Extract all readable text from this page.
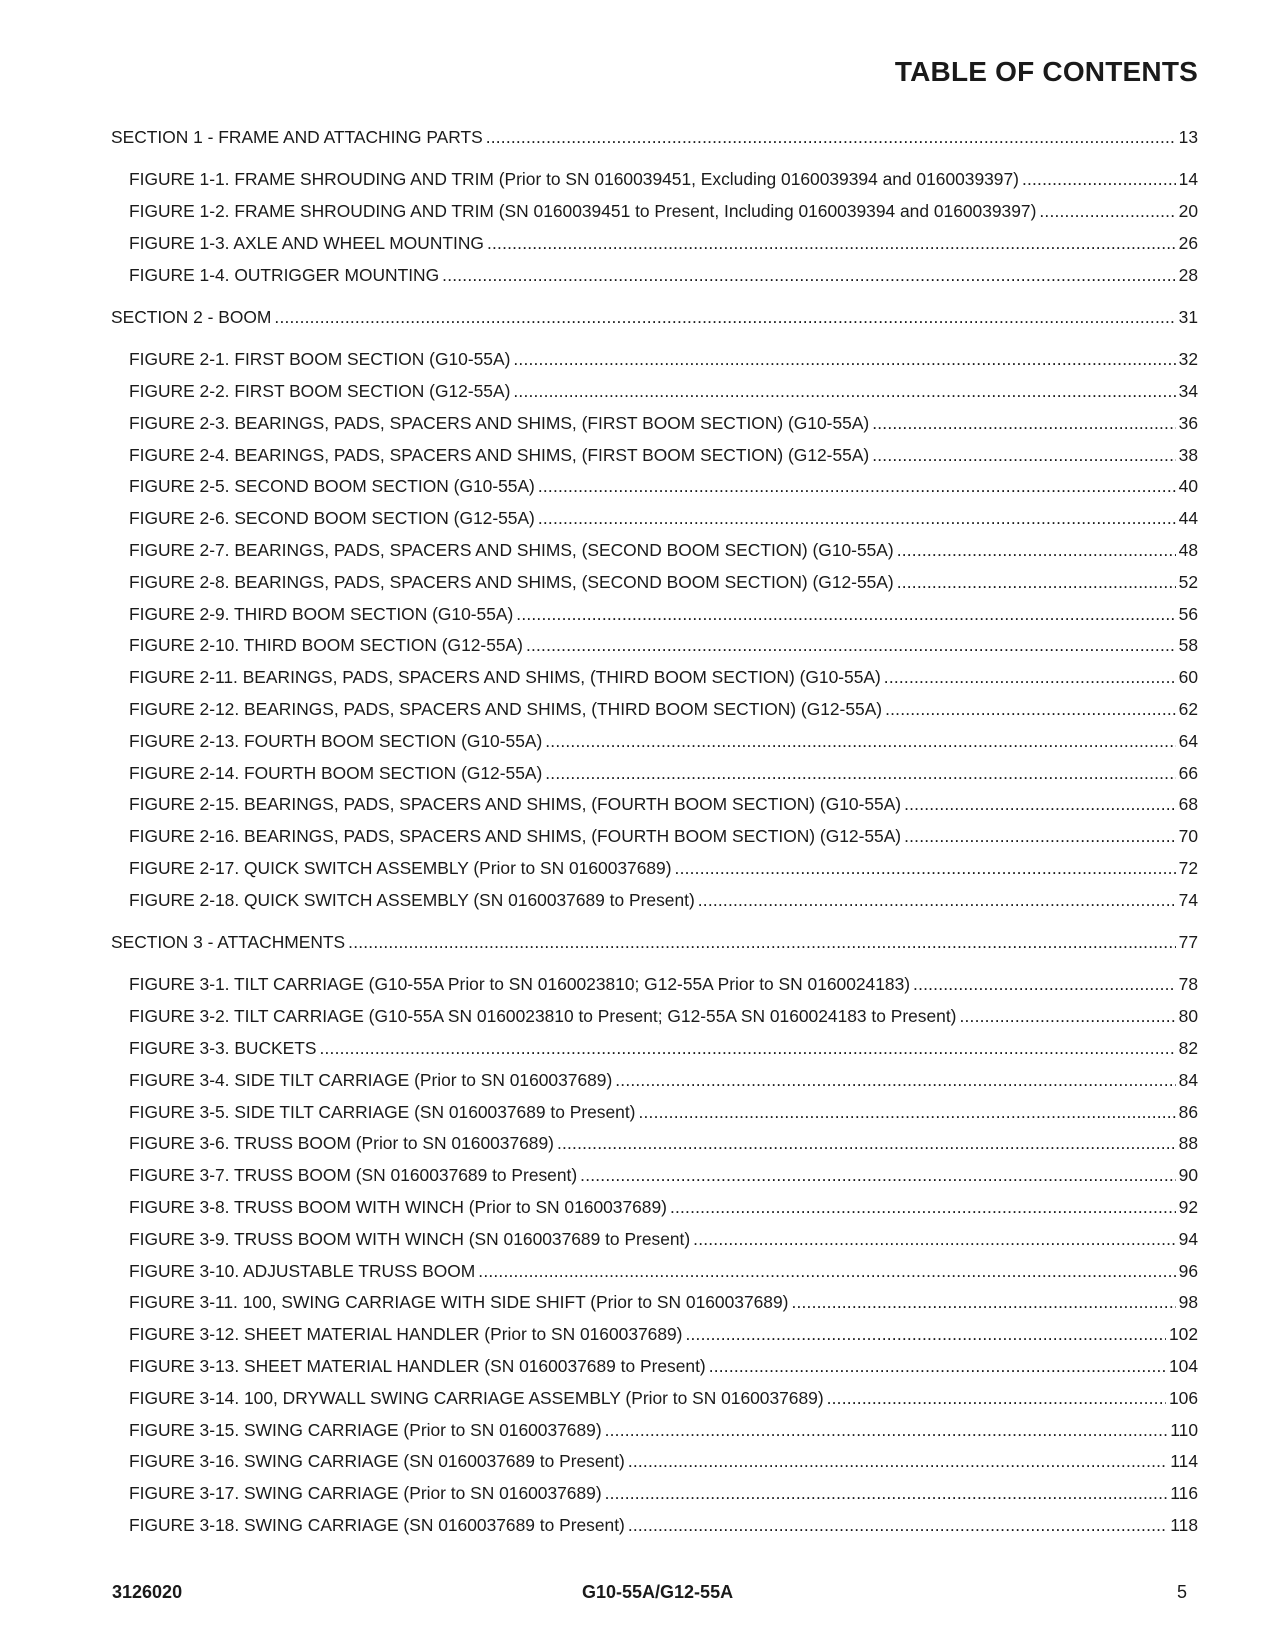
TABLE OF CONTENTS
SECTION 1 - FRAME AND ATTACHING PARTS .....	13
FIGURE 1-1. FRAME SHROUDING AND TRIM (Prior to SN 0160039451, Excluding 0160039394 and 0160039397) .....	14
FIGURE 1-2. FRAME SHROUDING AND TRIM (SN 0160039451 to Present, Including 0160039394 and 0160039397) .....	20
FIGURE 1-3. AXLE AND WHEEL MOUNTING .....	26
FIGURE 1-4. OUTRIGGER MOUNTING .....	28
SECTION 2 - BOOM .....	31
FIGURE 2-1. FIRST BOOM SECTION (G10-55A) .....	32
FIGURE 2-2. FIRST BOOM SECTION (G12-55A) .....	34
FIGURE 2-3. BEARINGS, PADS, SPACERS AND SHIMS, (FIRST BOOM SECTION) (G10-55A) .....	36
FIGURE 2-4. BEARINGS, PADS, SPACERS AND SHIMS, (FIRST BOOM SECTION) (G12-55A) .....	38
FIGURE 2-5. SECOND BOOM SECTION (G10-55A) .....	40
FIGURE 2-6. SECOND BOOM SECTION (G12-55A) .....	44
FIGURE 2-7. BEARINGS, PADS, SPACERS AND SHIMS, (SECOND BOOM SECTION) (G10-55A) .....	48
FIGURE 2-8. BEARINGS, PADS, SPACERS AND SHIMS, (SECOND BOOM SECTION) (G12-55A) .....	52
FIGURE 2-9. THIRD BOOM SECTION (G10-55A) .....	56
FIGURE 2-10. THIRD BOOM SECTION (G12-55A) .....	58
FIGURE 2-11. BEARINGS, PADS, SPACERS AND SHIMS, (THIRD BOOM SECTION) (G10-55A) .....	60
FIGURE 2-12. BEARINGS, PADS, SPACERS AND SHIMS, (THIRD BOOM SECTION) (G12-55A) .....	62
FIGURE 2-13. FOURTH BOOM SECTION (G10-55A) .....	64
FIGURE 2-14. FOURTH BOOM SECTION (G12-55A) .....	66
FIGURE 2-15. BEARINGS, PADS, SPACERS AND SHIMS, (FOURTH BOOM SECTION) (G10-55A) .....	68
FIGURE 2-16. BEARINGS, PADS, SPACERS AND SHIMS, (FOURTH BOOM SECTION) (G12-55A) .....	70
FIGURE 2-17. QUICK SWITCH ASSEMBLY (Prior to SN 0160037689) .....	72
FIGURE 2-18. QUICK SWITCH ASSEMBLY (SN 0160037689 to Present) .....	74
SECTION 3 - ATTACHMENTS .....	77
FIGURE 3-1. TILT CARRIAGE (G10-55A Prior to SN 0160023810; G12-55A Prior to SN 0160024183) .....	78
FIGURE 3-2. TILT CARRIAGE (G10-55A SN 0160023810 to Present; G12-55A SN 0160024183 to Present) .....	80
FIGURE 3-3. BUCKETS .....	82
FIGURE 3-4. SIDE TILT CARRIAGE (Prior to SN 0160037689) .....	84
FIGURE 3-5. SIDE TILT CARRIAGE (SN 0160037689 to Present) .....	86
FIGURE 3-6. TRUSS BOOM (Prior to SN 0160037689) .....	88
FIGURE 3-7. TRUSS BOOM (SN 0160037689 to Present) .....	90
FIGURE 3-8. TRUSS BOOM WITH WINCH (Prior to SN 0160037689) .....	92
FIGURE 3-9. TRUSS BOOM WITH WINCH (SN 0160037689 to Present) .....	94
FIGURE 3-10. ADJUSTABLE TRUSS BOOM .....	96
FIGURE 3-11. 100, SWING CARRIAGE WITH SIDE SHIFT (Prior to SN 0160037689) .....	98
FIGURE 3-12. SHEET MATERIAL HANDLER (Prior to SN 0160037689) .....	102
FIGURE 3-13. SHEET MATERIAL HANDLER (SN 0160037689 to Present) .....	104
FIGURE 3-14. 100, DRYWALL SWING CARRIAGE ASSEMBLY (Prior to SN 0160037689) .....	106
FIGURE 3-15. SWING CARRIAGE (Prior to SN 0160037689) .....	110
FIGURE 3-16. SWING CARRIAGE (SN 0160037689 to Present) .....	114
FIGURE 3-17. SWING CARRIAGE (Prior to SN 0160037689) .....	116
FIGURE 3-18. SWING CARRIAGE (SN 0160037689 to Present) .....	118
3126020	G10-55A/G12-55A	5
